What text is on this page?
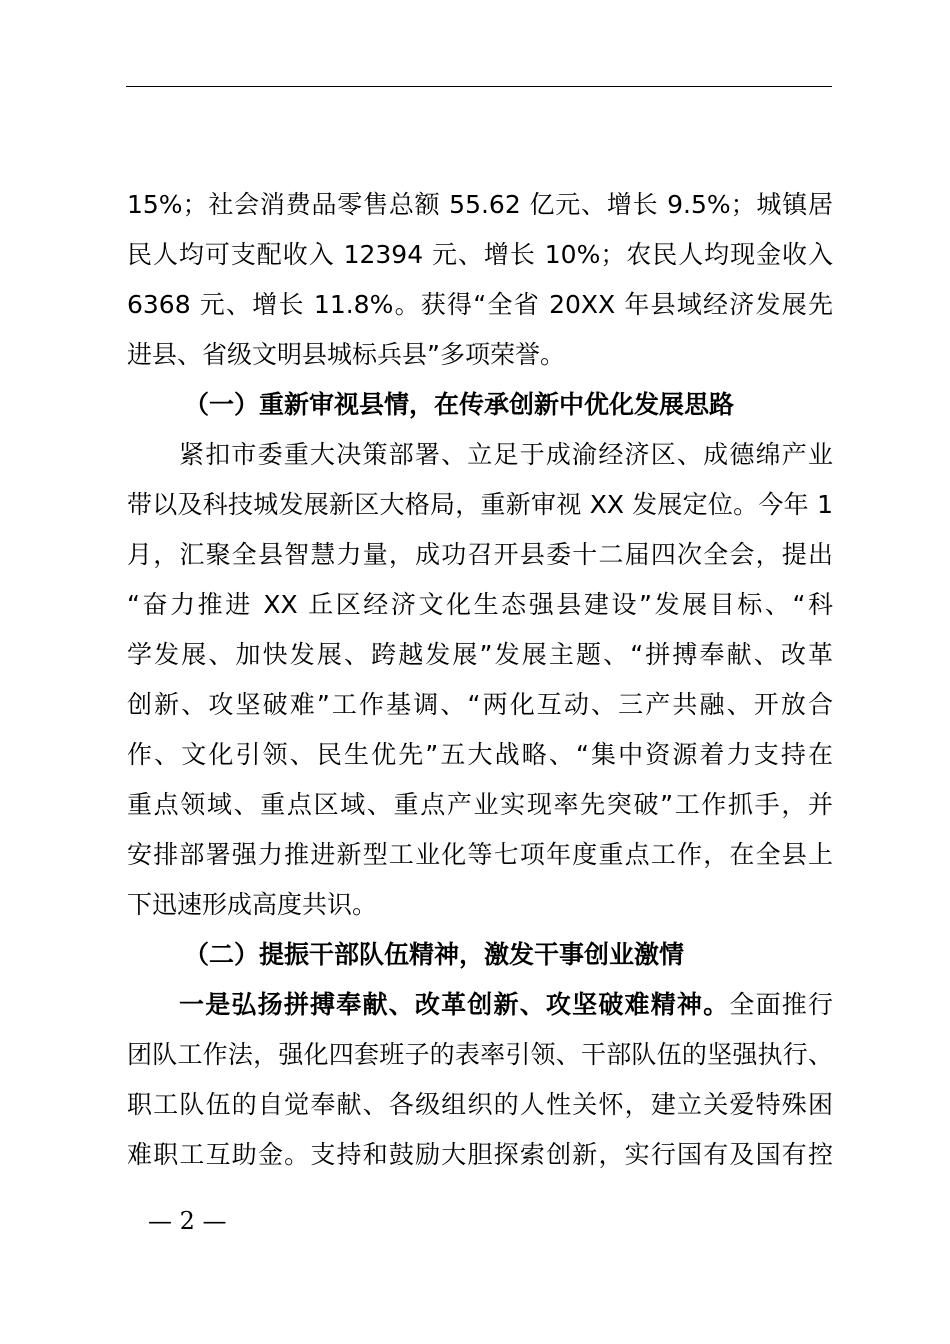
15%；社会消费品零售总额 55.62 亿元、增长 9.5%；城镇居
民人均可支配收入 12394 元、增长 10%；农民人均现金收入
6368 元、增长 11.8%。获得“全省 20XX 年县域经济发展先
进县、省级文明县城标兵县”多项荣誉。
（一）重新审视县情，在传承创新中优化发展思路
紧扣市委重大决策部署、立足于成渝经济区、成德绵产业
带以及科技城发展新区大格局，重新审视 XX 发展定位。今年 1
月，汇聚全县智慧力量，成功召开县委十二届四次全会，提出
“奋力推进 XX 丘区经济文化生态强县建设”发展目标、“科
学发展、加快发展、跨越发展”发展主题、“拼搏奉献、改革
创新、攻坚破难”工作基调、“两化互动、三产共融、开放合
作、文化引领、民生优先”五大战略、“集中资源着力支持在
重点领域、重点区域、重点产业实现率先突破”工作抓手，并
安排部署强力推进新型工业化等七项年度重点工作，在全县上
下迅速形成高度共识。
（二）提振干部队伍精神，激发干事创业激情
一是弘扬拼搏奉献、改革创新、攻坚破难精神。全面推行
团队工作法，强化四套班子的表率引领、干部队伍的坚强执行、
职工队伍的自觉奉献、各级组织的人性关怀，建立关爱特殊困
难职工互助金。支持和鼓励大胆探索创新，实行国有及国有控
— 2 —
